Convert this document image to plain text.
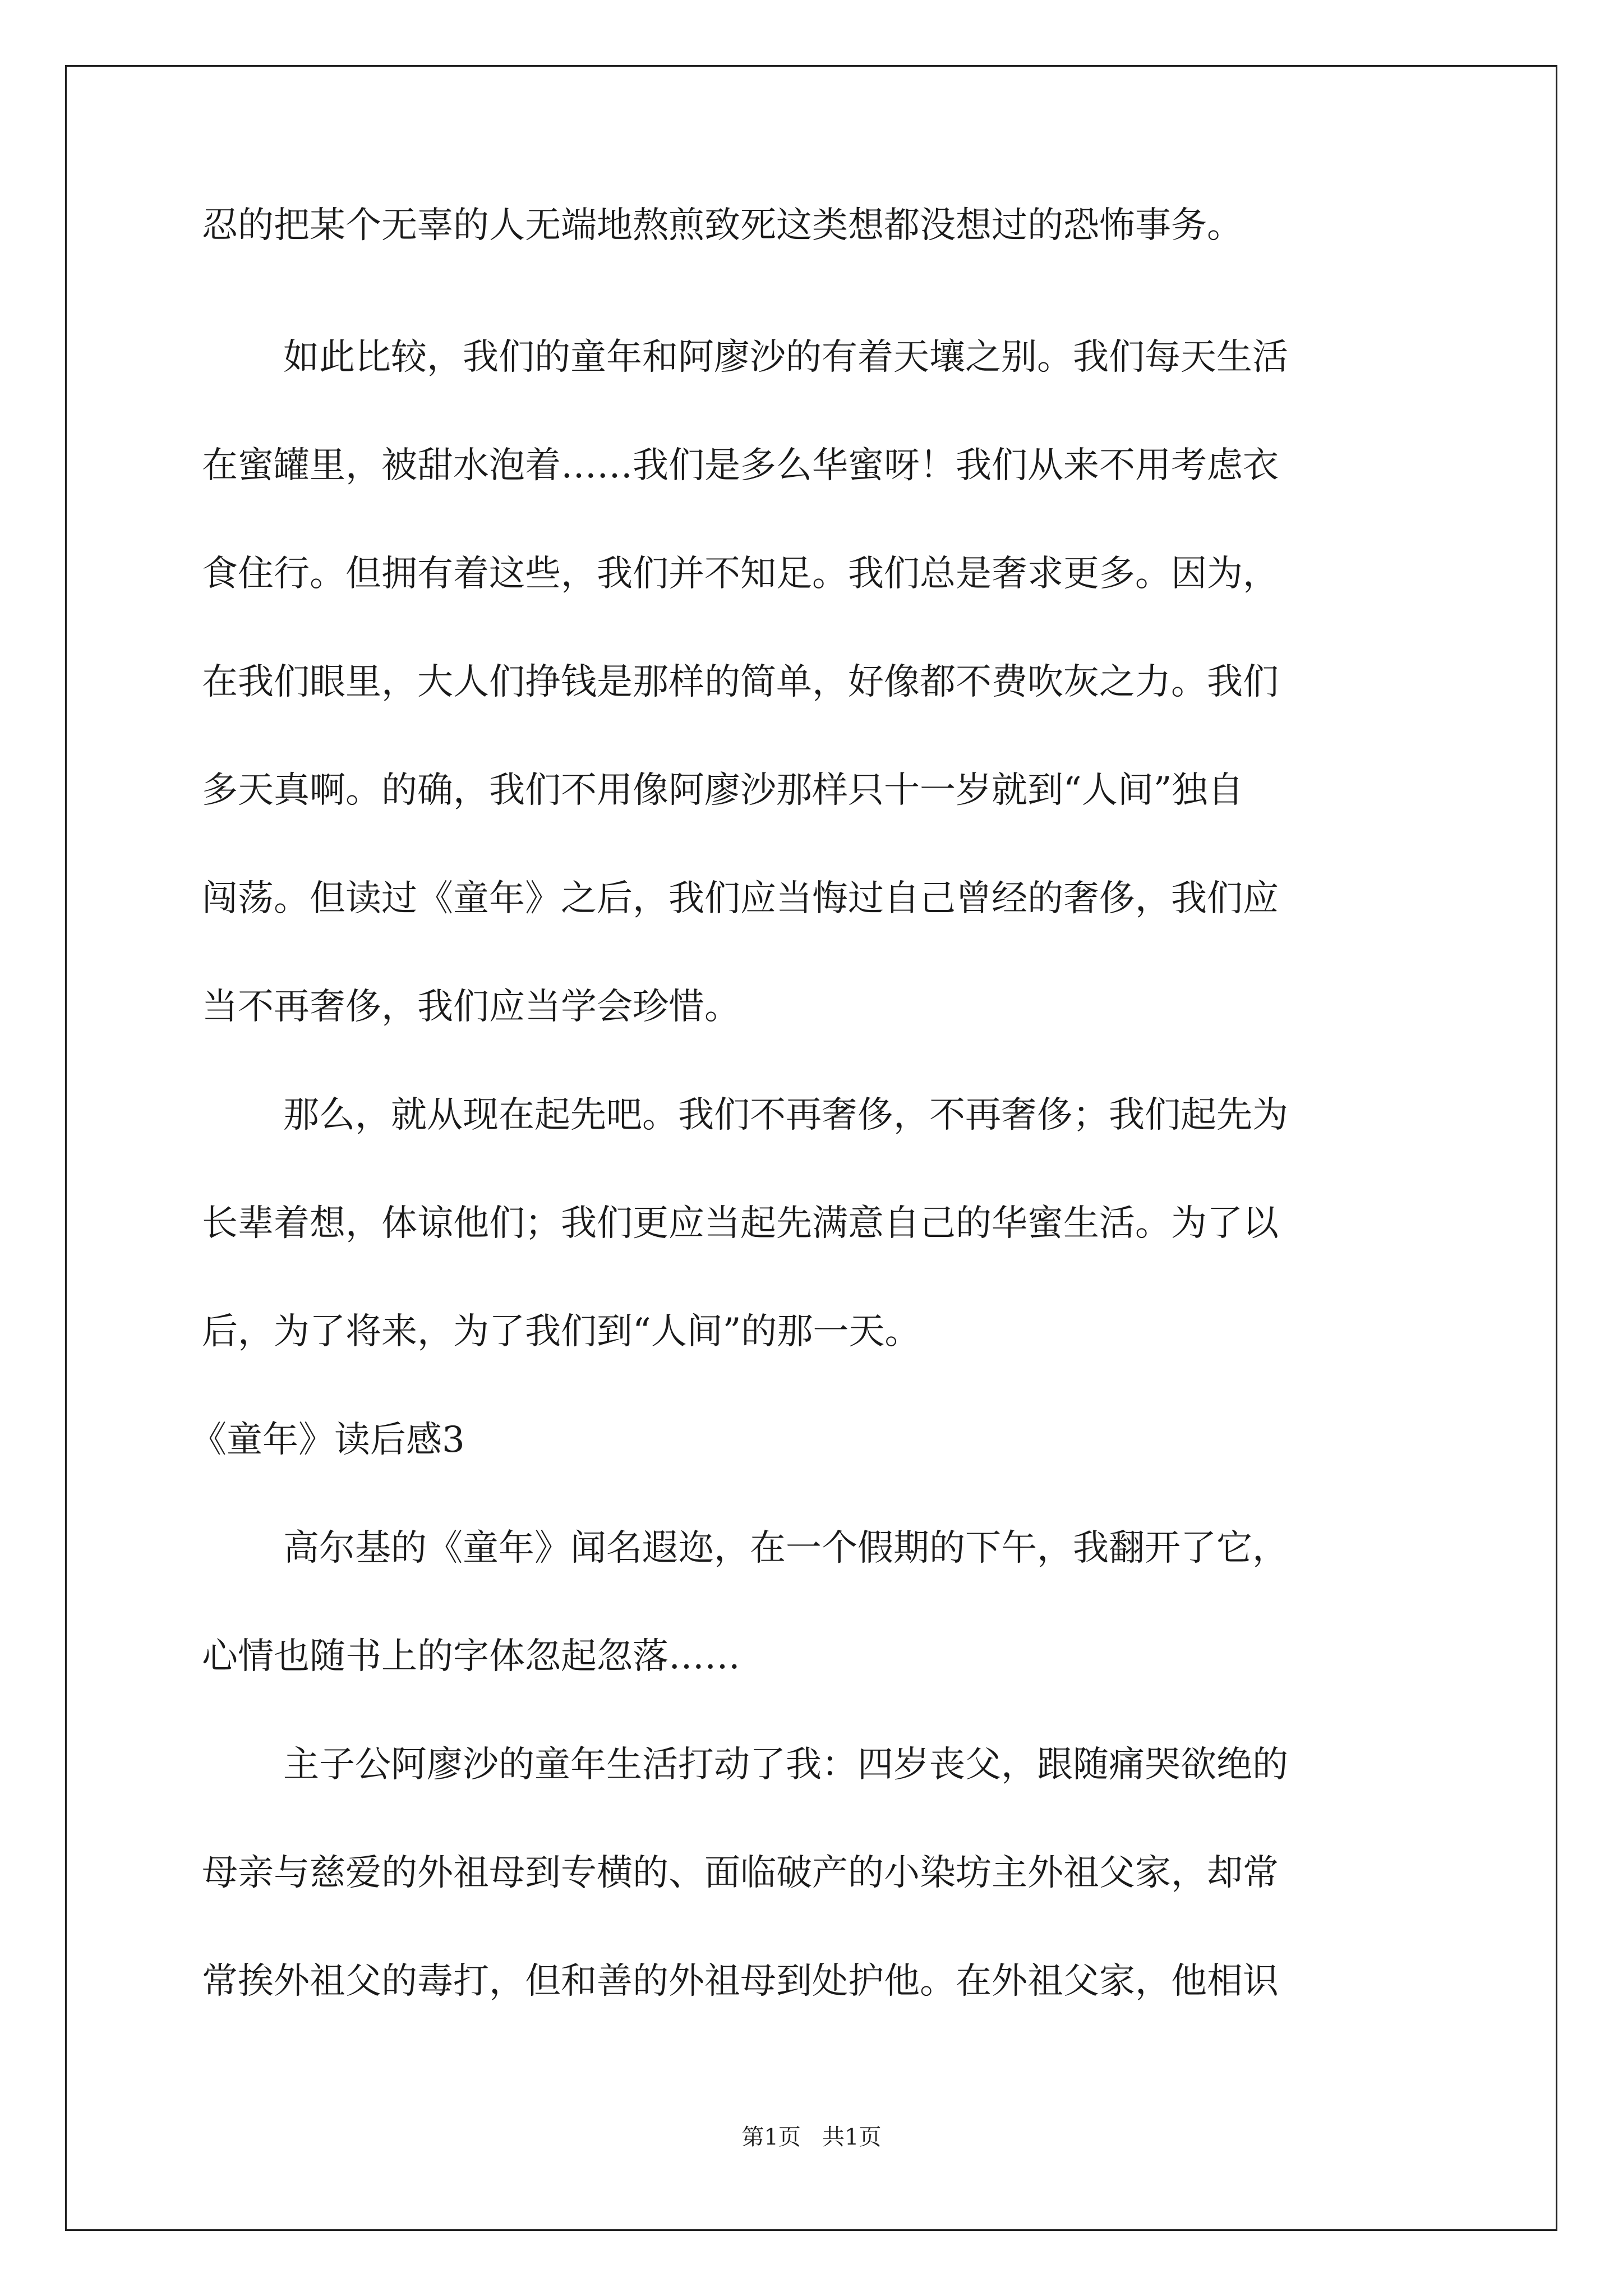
忍的把某个无辜的人无端地熬煎致死这类想都没想过的恐怖事务。

如此比较，我们的童年和阿廖沙的有着天壤之别。我们每天生活

在蜜罐里，被甜水泡着……我们是多么华蜜呀！我们从来不用考虑衣

食住行。但拥有着这些，我们并不知足。我们总是奢求更多。因为，

在我们眼里，大人们挣钱是那样的简单，好像都不费吹灰之力。我们

多天真啊。的确，我们不用像阿廖沙那样只十一岁就到“人间”独自

闯荡。但读过《童年》之后，我们应当悔过自己曾经的奢侈，我们应

当不再奢侈，我们应当学会珍惜。

那么，就从现在起先吧。我们不再奢侈，不再奢侈；我们起先为

长辈着想，体谅他们；我们更应当起先满意自己的华蜜生活。为了以

后，为了将来，为了我们到“人间”的那一天。

《童年》读后感3

高尔基的《童年》闻名遐迩，在一个假期的下午，我翻开了它，

心情也随书上的字体忽起忽落……

主子公阿廖沙的童年生活打动了我：四岁丧父，跟随痛哭欲绝的

母亲与慈爱的外祖母到专横的、面临破产的小染坊主外祖父家，却常

常挨外祖父的毒打，但和善的外祖母到处护他。在外祖父家，他相识

第1页   共1页
